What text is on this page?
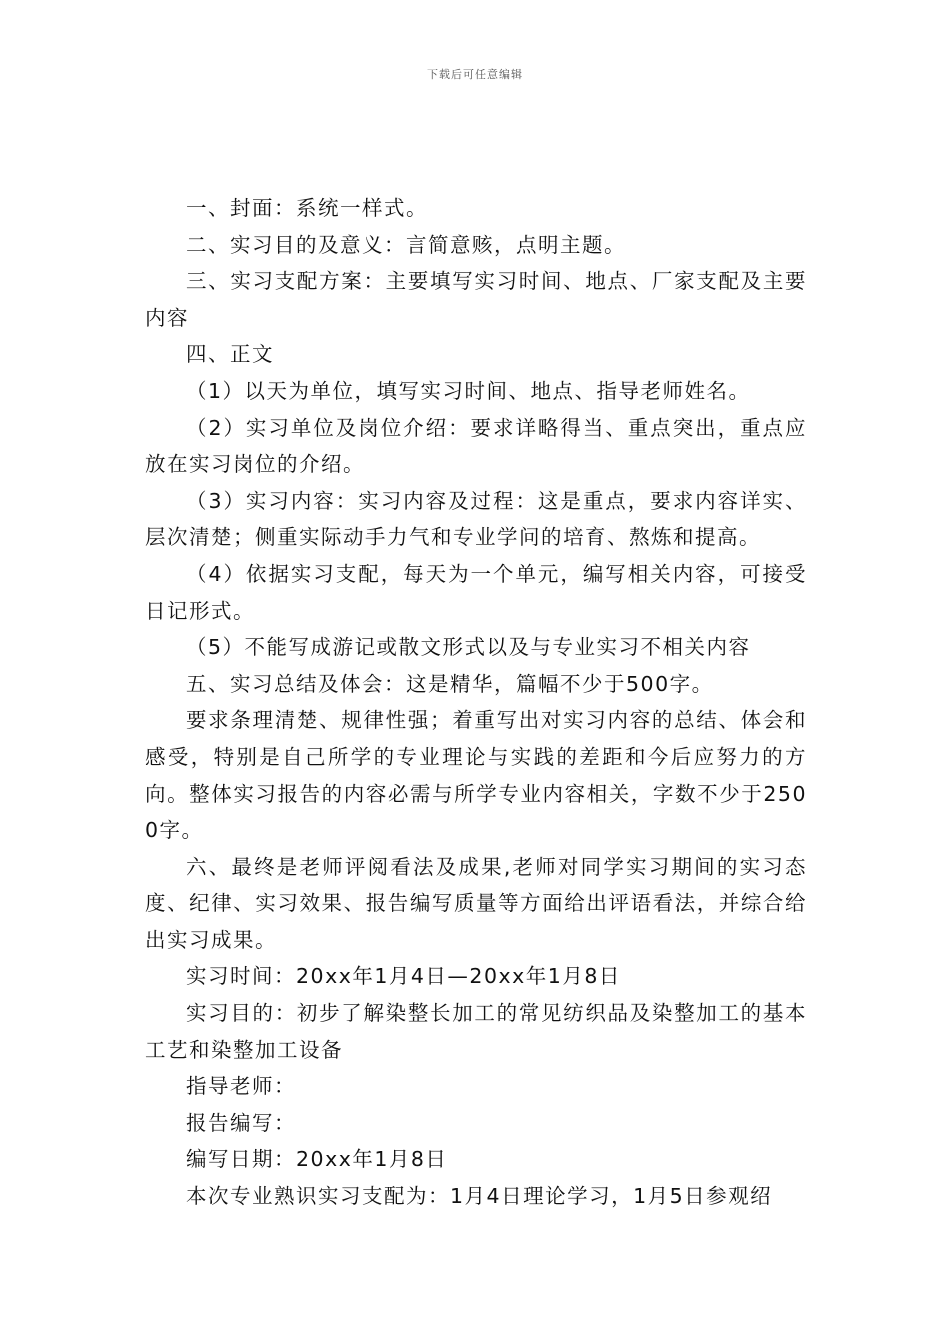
下载后可任意编辑

一、封面：系统一样式。

二、实习目的及意义：言简意赅，点明主题。

三、实习支配方案：主要填写实习时间、地点、厂家支配及主要内容

四、正文

（1）以天为单位，填写实习时间、地点、指导老师姓名。

（2）实习单位及岗位介绍：要求详略得当、重点突出，重点应放在实习岗位的介绍。

（3）实习内容：实习内容及过程：这是重点，要求内容详实、层次清楚；侧重实际动手力气和专业学问的培育、熬炼和提高。

（4）依据实习支配，每天为一个单元，编写相关内容，可接受日记形式。

（5）不能写成游记或散文形式以及与专业实习不相关内容

五、实习总结及体会：这是精华，篇幅不少于500字。

要求条理清楚、规律性强；着重写出对实习内容的总结、体会和感受，特别是自己所学的专业理论与实践的差距和今后应努力的方向。整体实习报告的内容必需与所学专业内容相关，字数不少于2500字。

六、最终是老师评阅看法及成果,老师对同学实习期间的实习态度、纪律、实习效果、报告编写质量等方面给出评语看法，并综合给出实习成果。

实习时间：20xx年1月4日—20xx年1月8日

实习目的：初步了解染整长加工的常见纺织品及染整加工的基本工艺和染整加工设备

指导老师：

报告编写：

编写日期：20xx年1月8日

本次专业熟识实习支配为：1月4日理论学习，1月5日参观绍
